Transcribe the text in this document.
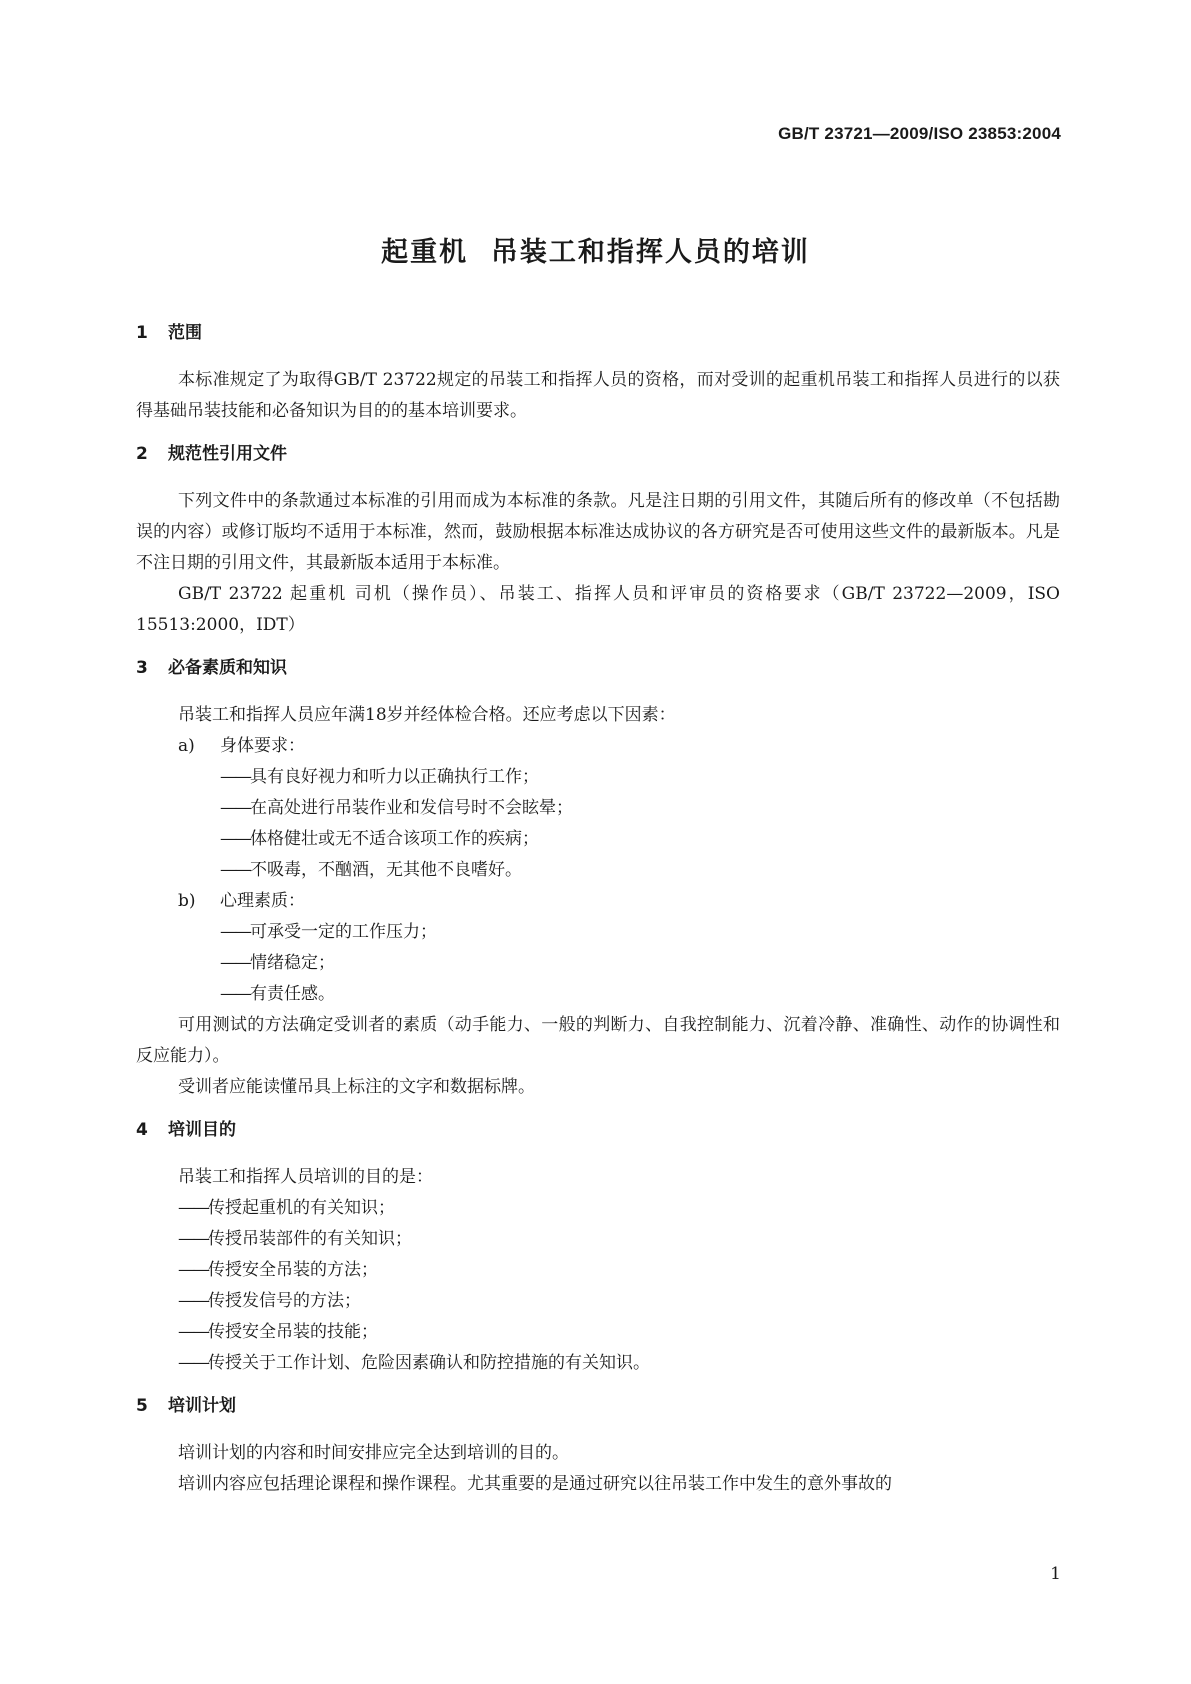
GB/T 23721—2009/ISO 23853:2004
起重机  吊装工和指挥人员的培训
1 范围

本标准规定了为取得GB/T 23722规定的吊装工和指挥人员的资格，而对受训的起重机吊装工和指挥人员进行的以获得基础吊装技能和必备知识为目的的基本培训要求。

2 规范性引用文件

下列文件中的条款通过本标准的引用而成为本标准的条款。凡是注日期的引用文件，其随后所有的修改单（不包括勘误的内容）或修订版均不适用于本标准，然而，鼓励根据本标准达成协议的各方研究是否可使用这些文件的最新版本。凡是不注日期的引用文件，其最新版本适用于本标准。

GB/T 23722 起重机 司机（操作员）、吊装工、指挥人员和评审员的资格要求（GB/T 23722—2009，ISO 15513:2000，IDT）

3 必备素质和知识

吊装工和指挥人员应年满18岁并经体检合格。还应考虑以下因素：

a) 身体要求：

——具有良好视力和听力以正确执行工作；

——在高处进行吊装作业和发信号时不会眩晕；

——体格健壮或无不适合该项工作的疾病；

——不吸毒，不酗酒，无其他不良嗜好。

b) 心理素质：

——可承受一定的工作压力；

——情绪稳定；

——有责任感。

可用测试的方法确定受训者的素质（动手能力、一般的判断力、自我控制能力、沉着冷静、准确性、动作的协调性和反应能力）。

受训者应能读懂吊具上标注的文字和数据标牌。

4 培训目的

吊装工和指挥人员培训的目的是：

——传授起重机的有关知识；

——传授吊装部件的有关知识；

——传授安全吊装的方法；

——传授发信号的方法；

——传授安全吊装的技能；

——传授关于工作计划、危险因素确认和防控措施的有关知识。

5 培训计划

培训计划的内容和时间安排应完全达到培训的目的。

培训内容应包括理论课程和操作课程。尤其重要的是通过研究以往吊装工作中发生的意外事故的

1
